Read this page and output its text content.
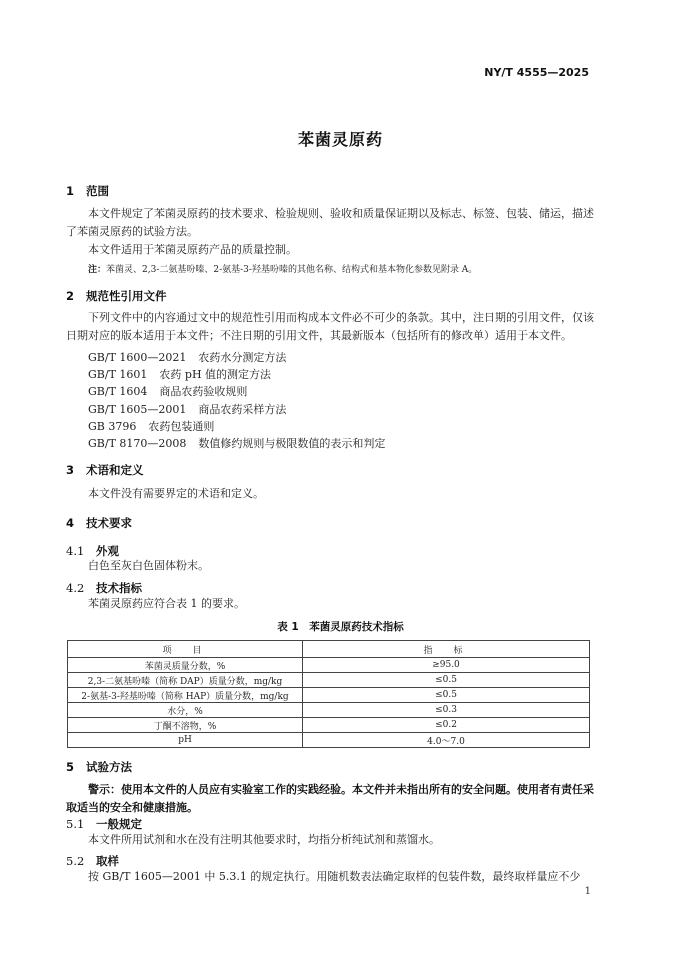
NY/T 4555—2025
苯菌灵原药
1 范围
本文件规定了苯菌灵原药的技术要求、检验规则、验收和质量保证期以及标志、标签、包装、储运，描述了苯菌灵原药的试验方法。
本文件适用于苯菌灵原药产品的质量控制。
注：苯菌灵、2,3-二氨基吩嗪、2-氨基-3-羟基吩嗪的其他名称、结构式和基本物化参数见附录 A。
2 规范性引用文件
下列文件中的内容通过文中的规范性引用而构成本文件必不可少的条款。其中，注日期的引用文件，仅该日期对应的版本适用于本文件；不注日期的引用文件，其最新版本（包括所有的修改单）适用于本文件。
GB/T 1600—2021 农药水分测定方法
GB/T 1601 农药 pH 值的测定方法
GB/T 1604 商品农药验收规则
GB/T 1605—2001 商品农药采样方法
GB 3796 农药包装通则
GB/T 8170—2008 数值修约规则与极限数值的表示和判定
3 术语和定义
本文件没有需要界定的术语和定义。
4 技术要求
4.1 外观
白色至灰白色固体粉末。
4.2 技术指标
苯菌灵原药应符合表 1 的要求。
表 1　苯菌灵原药技术指标
项　目	指　标
苯菌灵质量分数，%	≥95.0
2,3-二氨基吩嗪（简称 DAP）质量分数，mg/kg	≤0.5
2-氨基-3-羟基吩嗪（简称 HAP）质量分数，mg/kg	≤0.5
水分，%	≤0.3
丁酮不溶物，%	≤0.2
pH	4.0～7.0
5 试验方法
警示：使用本文件的人员应有实验室工作的实践经验。本文件并未指出所有的安全问题。使用者有责任采取适当的安全和健康措施。
5.1 一般规定
本文件所用试剂和水在没有注明其他要求时，均指分析纯试剂和蒸馏水。
5.2 取样
按 GB/T 1605—2001 中 5.3.1 的规定执行。用随机数表法确定取样的包装件数，最终取样量应不少
1
